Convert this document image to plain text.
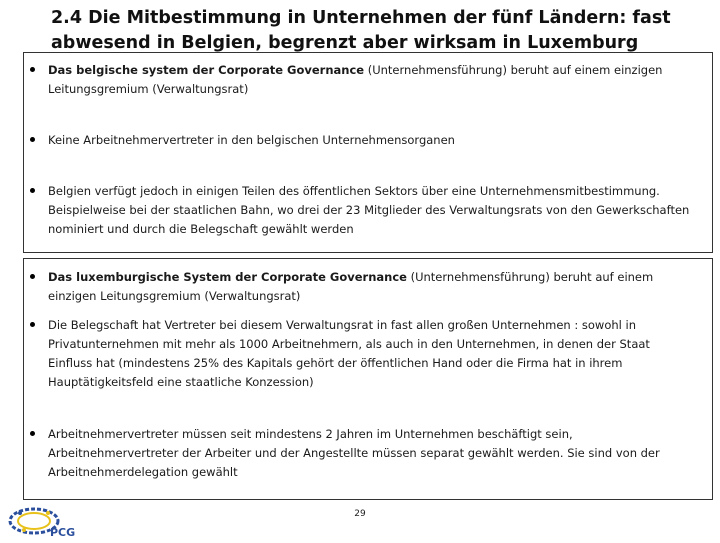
2.4 Die Mitbestimmung in Unternehmen der fünf Ländern: fast
abwesend in Belgien, begrenzt aber wirksam in Luxemburg
Das belgische system der Corporate Governance (Unternehmensführung) beruht auf einem einzigen Leitungsgremium (Verwaltungsrat)
Keine Arbeitnehmervertreter in den belgischen Unternehmensorganen
Belgien verfügt jedoch in einigen Teilen des öffentlichen Sektors über eine Unternehmensmitbestimmung. Beispielweise bei der staatlichen Bahn, wo drei der 23 Mitglieder des Verwaltungsrats von den Gewerkschaften nominiert und durch die Belegschaft gewählt werden
Das luxemburgische System der Corporate Governance (Unternehmensführung) beruht auf einem einzigen Leitungsgremium (Verwaltungsrat)
Die Belegschaft hat Vertreter bei diesem Verwaltungsrat in fast allen großen Unternehmen : sowohl in Privatunternehmen mit mehr als 1000 Arbeitnehmern, als auch in den Unternehmen, in denen der Staat Einfluss hat (mindestens 25% des Kapitals gehört der öffentlichen Hand oder die Firma hat in ihrem Hauptätigkeitsfeld eine staatliche Konzession)
Arbeitnehmervertreter müssen seit mindestens 2 Jahren im Unternehmen beschäftigt sein, Arbeitnehmervertreter der Arbeiter und der Angestellte müssen separat gewählt werden. Sie sind von der Arbeitnehmerdelegation gewählt
29
PCG
